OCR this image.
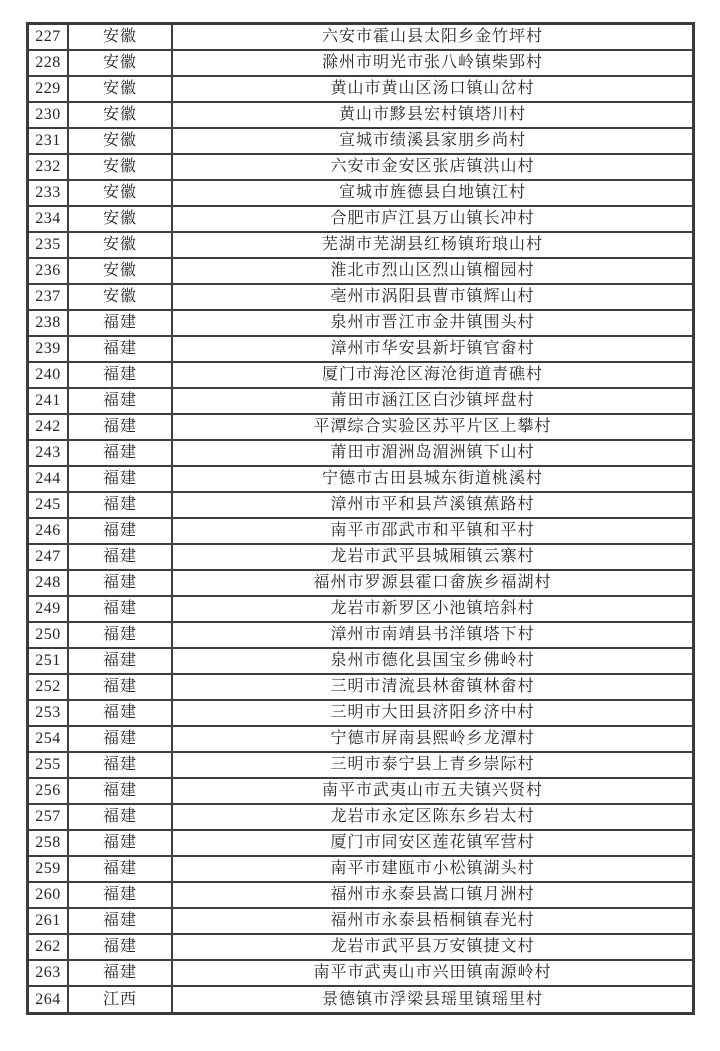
227	安徽	六安市霍山县太阳乡金竹坪村
228	安徽	滁州市明光市张八岭镇柴郢村
229	安徽	黄山市黄山区汤口镇山岔村
230	安徽	黄山市黟县宏村镇塔川村
231	安徽	宣城市绩溪县家朋乡尚村
232	安徽	六安市金安区张店镇洪山村
233	安徽	宣城市旌德县白地镇江村
234	安徽	合肥市庐江县万山镇长冲村
235	安徽	芜湖市芜湖县红杨镇珩琅山村
236	安徽	淮北市烈山区烈山镇榴园村
237	安徽	亳州市涡阳县曹市镇辉山村
238	福建	泉州市晋江市金井镇围头村
239	福建	漳州市华安县新圩镇官畲村
240	福建	厦门市海沧区海沧街道青礁村
241	福建	莆田市涵江区白沙镇坪盘村
242	福建	平潭综合实验区苏平片区上攀村
243	福建	莆田市湄洲岛湄洲镇下山村
244	福建	宁德市古田县城东街道桃溪村
245	福建	漳州市平和县芦溪镇蕉路村
246	福建	南平市邵武市和平镇和平村
247	福建	龙岩市武平县城厢镇云寨村
248	福建	福州市罗源县霍口畲族乡福湖村
249	福建	龙岩市新罗区小池镇培斜村
250	福建	漳州市南靖县书洋镇塔下村
251	福建	泉州市德化县国宝乡佛岭村
252	福建	三明市清流县林畲镇林畲村
253	福建	三明市大田县济阳乡济中村
254	福建	宁德市屏南县熙岭乡龙潭村
255	福建	三明市泰宁县上青乡崇际村
256	福建	南平市武夷山市五夫镇兴贤村
257	福建	龙岩市永定区陈东乡岩太村
258	福建	厦门市同安区莲花镇军营村
259	福建	南平市建瓯市小松镇湖头村
260	福建	福州市永泰县嵩口镇月洲村
261	福建	福州市永泰县梧桐镇春光村
262	福建	龙岩市武平县万安镇捷文村
263	福建	南平市武夷山市兴田镇南源岭村
264	江西	景德镇市浮梁县瑶里镇瑶里村
